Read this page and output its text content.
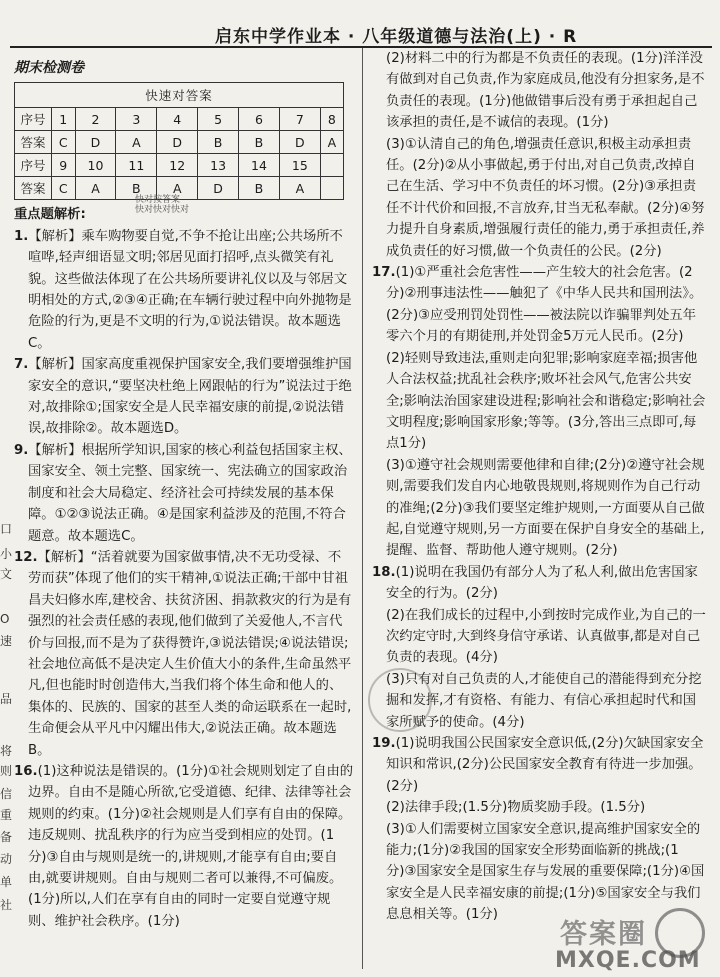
启东中学作业本 · 八年级道德与法治(上) · R
口
小
文
O
速
品
将
则
信
重
备
动
单
社

期末检测卷

快速对答案								
序号	1	2	3	4	5	6	7	8
答案	C	D	A	D	B	B	D	A
序号	9	10	11	12	13	14	15	
答案	C	A	B	A	D	B	A	

重点题解析:

1.【解析】乘车购物要自觉,不争不抢让出座;公共场所不喧哗,轻声细语显文明;邻居见面打招呼,点头微笑有礼貌。这些做法体现了在公共场所要讲礼仪以及与邻居文明相处的方式,②③④正确;在车辆行驶过程中向外抛物是危险的行为,更是不文明的行为,①说法错误。故本题选C。

7.【解析】国家高度重视保护国家安全,我们要增强维护国家安全的意识,“要坚决杜绝上网跟帖的行为”说法过于绝对,故排除①;国家安全是人民幸福安康的前提,②说法错误,故排除②。故本题选D。

9.【解析】根据所学知识,国家的核心利益包括国家主权、国家安全、领土完整、国家统一、宪法确立的国家政治制度和社会大局稳定、经济社会可持续发展的基本保障。①②③说法正确。④是国家利益涉及的范围,不符合题意。故本题选C。

12.【解析】“活着就要为国家做事情,决不无功受禄、不劳而获”体现了他们的实干精神,①说法正确;干部中甘祖昌夫妇修水库,建校舍、扶贫济困、捐款救灾的行为是有强烈的社会责任感的表现,他们做到了关爱他人,不言代价与回报,而不是为了获得赞许,③说法错误;④说法错误;社会地位高低不是决定人生价值大小的条件,生命虽然平凡,但也能时时创造伟大,当我们将个体生命和他人的、集体的、民族的、国家的甚至人类的命运联系在一起时,生命便会从平凡中闪耀出伟大,②说法正确。故本题选B。

16.(1)这种说法是错误的。(1分)①社会规则划定了自由的边界。自由不是随心所欲,它受道德、纪律、法律等社会规则的约束。(1分)②社会规则是人们享有自由的保障。违反规则、扰乱秩序的行为应当受到相应的处罚。(1分)③自由与规则是统一的,讲规则,才能享有自由;要自由,就要讲规则。自由与规则二者可以兼得,不可偏废。(1分)所以,人们在享有自由的同时一定要自觉遵守规则、维护社会秩序。(1分)

快对按答案
快对快对快对

(2)材料二中的行为都是不负责任的表现。(1分)洋洋没有做到对自己负责,作为家庭成员,他没有分担家务,是不负责任的表现。(1分)他做错事后没有勇于承担起自己该承担的责任,是不诚信的表现。(1分)

(3)①认清自己的角色,增强责任意识,积极主动承担责任。(2分)②从小事做起,勇于付出,对自己负责,改掉自己在生活、学习中不负责任的坏习惯。(2分)③承担责任不计代价和回报,不言放弃,甘当无私奉献。(2分)④努力提升自身素质,增强履行责任的能力,勇于承担责任,养成负责任的好习惯,做一个负责任的公民。(2分)

17.(1)①严重社会危害性——产生较大的社会危害。(2分)②刑事违法性——触犯了《中华人民共和国刑法》。(2分)③应受刑罚处罚性——被法院以诈骗罪判处五年零六个月的有期徒刑,并处罚金5万元人民币。(2分)

(2)轻则导致违法,重则走向犯罪;影响家庭幸福;损害他人合法权益;扰乱社会秩序;败坏社会风气,危害公共安全;影响法治国家建设进程;影响社会和谐稳定;影响社会文明程度;影响国家形象;等等。(3分,答出三点即可,每点1分)

(3)①遵守社会规则需要他律和自律;(2分)②遵守社会规则,需要我们发自内心地敬畏规则,将规则作为自己行动的准绳;(2分)③我们要坚定维护规则,一方面要从自己做起,自觉遵守规则,另一方面要在保护自身安全的基础上,提醒、监督、帮助他人遵守规则。(2分)

18.(1)说明在我国仍有部分人为了私人利,做出危害国家安全的行为。(2分)

(2)在我们成长的过程中,小到按时完成作业,为自己的一次约定守时,大到终身信守承诺、认真做事,都是对自己负责的表现。(4分)

(3)只有对自己负责的人,才能使自己的潜能得到充分挖掘和发挥,才有资格、有能力、有信心承担起时代和国家所赋予的使命。(4分)

19.(1)说明我国公民国家安全意识低,(2分)欠缺国家安全知识和常识,(2分)公民国家安全教育有待进一步加强。(2分)

(2)法律手段;(1.5分)物质奖励手段。(1.5分)

(3)①人们需要树立国家安全意识,提高维护国家安全的能力;(1分)②我国的国家安全形势面临新的挑战;(1分)③国家安全是国家生存与发展的重要保障;(1分)④国家安全是人民幸福安康的前提;(1分)⑤国家安全与我们息息相关等。(1分)

答案圈
MXQE.COM
